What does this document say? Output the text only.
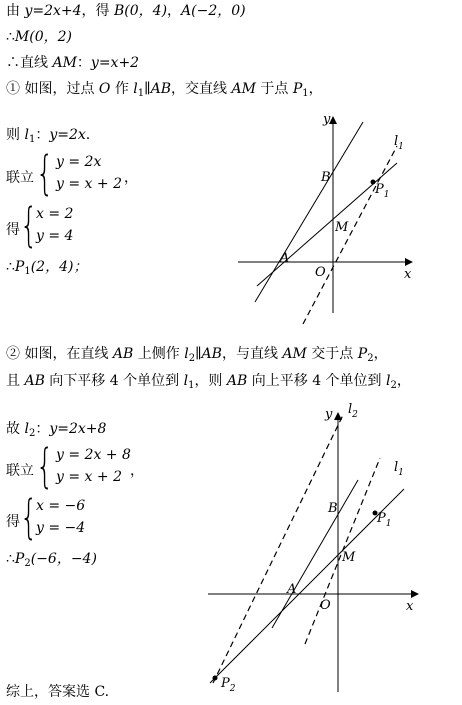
由 y=2x+4，得 B(0，4)，A(−2，0)
∴M(0，2)
∴直线 AM：y=x+2
① 如图，过点 O 作 $l_1\parallel AB$，交直线 AM 于点 $P_1$，
则 $l_1$：y=2x.
联立 { y = 2x
y = x + 2 ，
得 {
x = 2
y = 4
$\therefore P_1(2$，4)；
y
x
O
A
B
M
$P_1$
$l_1$
② 如图，在直线 AB 上侧作 $l_2\parallel AB$，与直线 AM 交于点 $P_2$，
且 AB 向下平移 4 个单位到 $l_1$，则 AB 向上平移 4 个单位到 $l_2$，
故 $l_2$：y=2x+8
联立 { y = 2x + 8
y = x + 2 ，
得 {
x = −6
y = −4
$\therefore P_2(-6$，−4)
y
x
O
A
B
M
$P_1$
$P_2$
$l_1$
$l_2$
综上，答案选 C.
